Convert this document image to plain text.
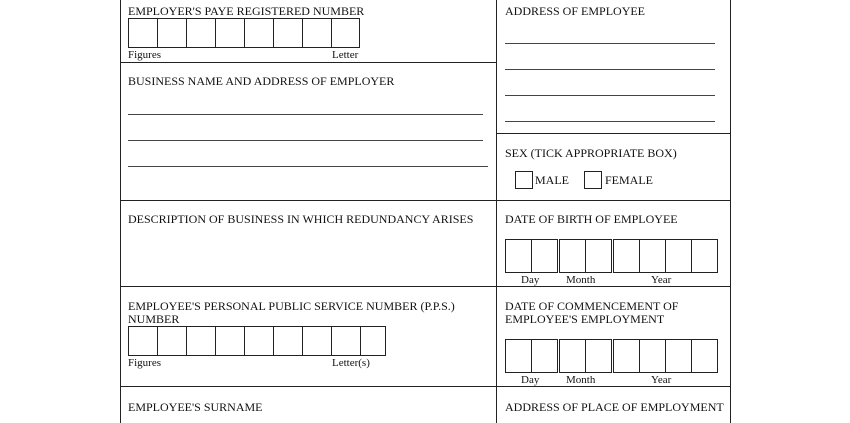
EMPLOYER'S PAYE REGISTERED NUMBER
Figures	Letter
ADDRESS OF EMPLOYEE
BUSINESS NAME AND ADDRESS OF EMPLOYER
SEX (TICK APPROPRIATE BOX)
MALE	FEMALE
DESCRIPTION OF BUSINESS IN WHICH REDUNDANCY ARISES	DATE OF BIRTH OF EMPLOYEE
Day Month	Year
EMPLOYEE'S PERSONAL PUBLIC SERVICE NUMBER (P.P.S.)
NUMBER
Figures	Letter(s)
DATE OF COMMENCEMENT OF
EMPLOYEE'S EMPLOYMENT
Day Month	Year
EMPLOYEE'S SURNAME	ADDRESS OF PLACE OF EMPLOYMENT
